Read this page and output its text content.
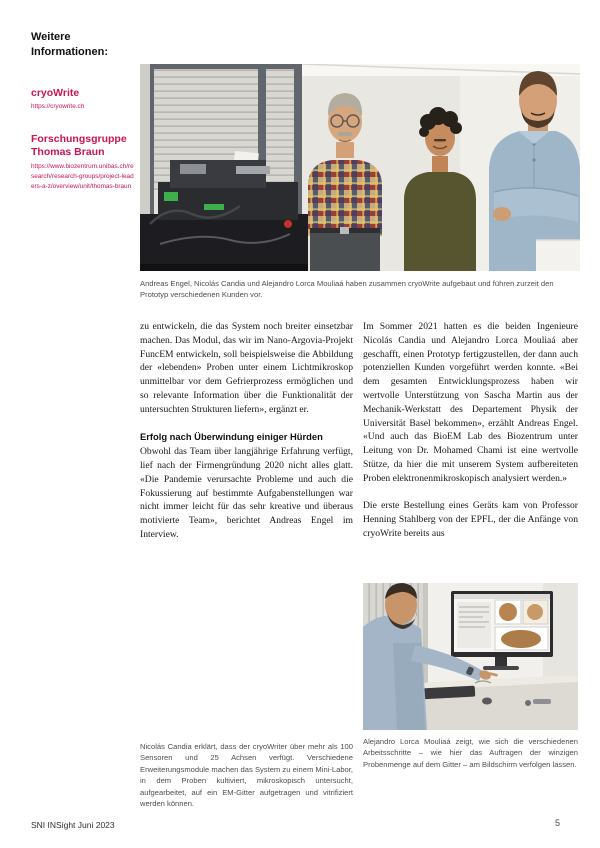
Weitere Informationen:
cryoWrite
https://cryowrite.ch
Forschungsgruppe Thomas Braun
https://www.biozentrum.unibas.ch/research/research-groups/project-leaders-a-z/overview/unit/thomas-braun
Andreas Engel, Nicolás Candia und Alejandro Lorca Mouliaá haben zusammen cryoWrite aufgebaut und führen zurzeit den Prototyp verschiedenen Kunden vor.

zu entwickeln, die das System noch breiter einsetzbar machen. Das Modul, das wir im Nano-Argovia-Projekt FuncEM entwickeln, soll beispielsweise die Abbildung der «lebenden» Proben unter einem Lichtmikroskop unmittelbar vor dem Gefrierprozess ermöglichen und so relevante Information über die Funktionalität der untersuchten Strukturen liefern», ergänzt er.

Erfolg nach Überwindung einiger Hürden

Obwohl das Team über langjährige Erfahrung verfügt, lief nach der Firmengründung 2020 nicht alles glatt. «Die Pandemie verursachte Probleme und auch die Fokussierung auf bestimmte Aufgabenstellungen war nicht immer leicht für das sehr kreative und überaus motivierte Team», berichtet Andreas Engel im Interview.

Im Sommer 2021 hatten es die beiden Ingenieure Nicolás Candia und Alejandro Lorca Mouliaá aber geschafft, einen Prototyp fertigzustellen, der dann auch potenziellen Kunden vorgeführt werden konnte. «Bei dem gesamten Entwicklungsprozess haben wir wertvolle Unterstützung von Sascha Martin aus der Mechanik-Werkstatt des Departement Physik der Universität Basel bekommen», erzählt Andreas Engel. «Und auch das BioEM Lab des Biozentrum unter Leitung von Dr. Mohamed Chami ist eine wertvolle Stütze, da hier die mit unserem System aufbereiteten Proben elektronenmikroskopisch analysiert werden.»

Die erste Bestellung eines Geräts kam von Professor Henning Stahlberg von der EPFL, der die Anfänge von cryoWrite bereits aus

Nicolás Candia erklärt, dass der cryoWriter über mehr als 100 Sensoren und 25 Achsen verfügt. Verschiedene Erweiterungsmodule machen das System zu einem Mini-Labor, in dem Proben kultiviert, mikroskopisch untersucht, aufgearbeitet, auf ein EM-Gitter aufgetragen und vitrifiziert werden können.
Alejandro Lorca Mouliaá zeigt, wie sich die verschiedenen Arbeitsschritte – wie hier das Auftragen der winzigen Probenmenge auf dem Gitter – am Bildschirm verfolgen lassen.
SNI INSight Juni 2023	5
